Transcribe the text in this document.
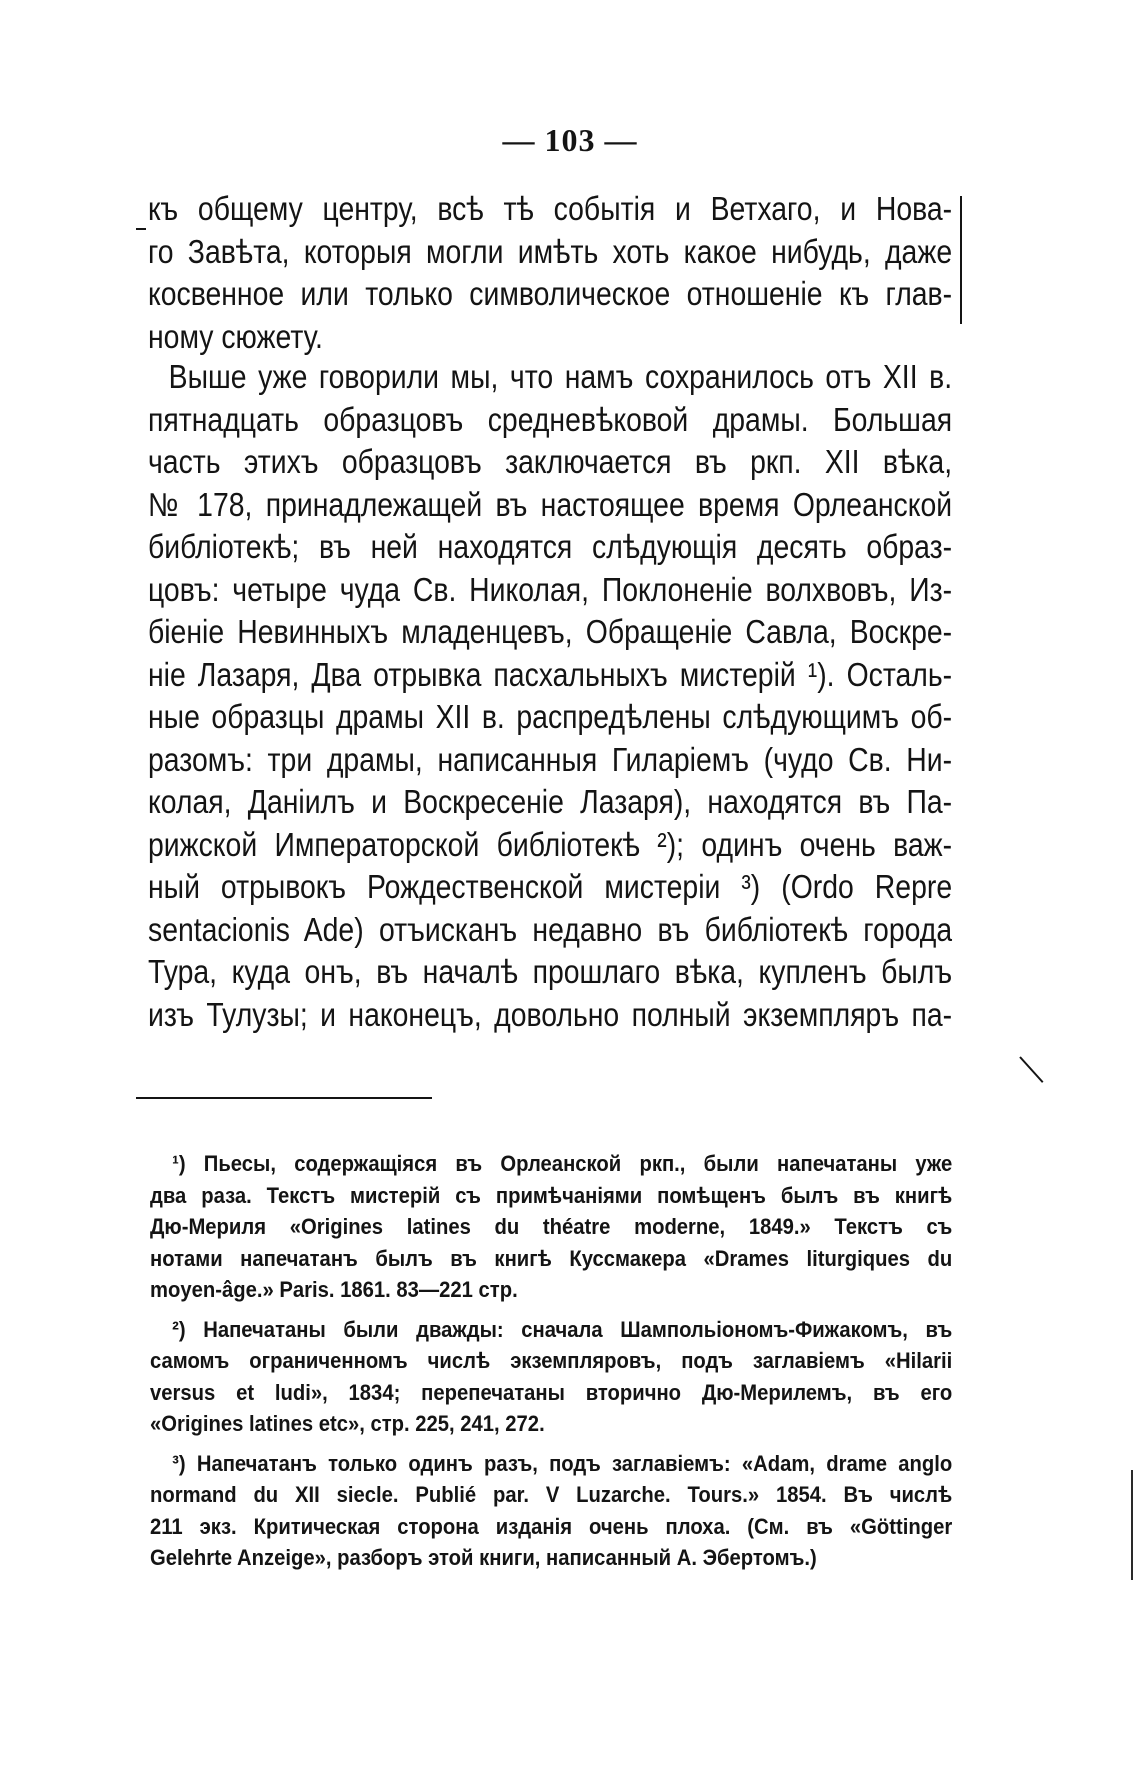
— 103 —
къ общему центру, всѣ тѣ событія и Ветхаго, и Нова-
го Завѣта, которыя могли имѣть хоть какое нибудь, даже
косвенное или только символическое отношеніе къ глав-
ному сюжету.
Выше уже говорили мы, что намъ сохранилось отъ XII в.
пятнадцать образцовъ средневѣковой драмы. Большая
часть этихъ образцовъ заключается въ ркп. XII вѣка,
№ 178, принадлежащей въ настоящее время Орлеанской
библіотекѣ; въ ней находятся слѣдующія десять образ-
цовъ: четыре чуда Св. Николая, Поклоненіе волхвовъ, Из-
біеніе Невинныхъ младенцевъ, Обращеніе Савла, Воскре-
ніе Лазаря, Два отрывка пасхальныхъ мистерій ¹). Осталь-
ные образцы драмы XII в. распредѣлены слѣдующимъ об-
разомъ: три драмы, написанныя Гиларіемъ (чудо Св. Ни-
колая, Даніилъ и Воскресеніе Лазаря), находятся въ Па-
рижской Императорской библіотекѣ ²); одинъ очень важ-
ный отрывокъ Рождественской мистеріи ³) (Ordo Repre
sentacionis Ade) отъисканъ недавно въ библіотекѣ города
Тура, куда онъ, въ началѣ прошлаго вѣка, купленъ былъ
изъ Тулузы; и наконецъ, довольно полный экземпляръ па-
¹) Пьесы, содержащіяся въ Орлеанской ркп., были напечатаны уже
два раза. Текстъ мистерій съ примѣчаніями помѣщенъ былъ въ книгѣ
Дю-Мериля «Origines latines du théatre moderne, 1849.» Текстъ съ
нотами напечатанъ былъ въ книгѣ Куссмакера «Drames liturgiques du
moyen-âge.» Paris. 1861. 83—221 стр.
²) Напечатаны были дважды: сначала Шампольіономъ-Фижакомъ, въ
самомъ ограниченномъ числѣ экземпляровъ, подъ заглавіемъ «Hilarii
versus et ludi», 1834; перепечатаны вторично Дю-Мерилемъ, въ его
«Origines latines etc», стр. 225, 241, 272.
³) Напечатанъ только одинъ разъ, подъ заглавіемъ: «Adam, drame anglo
normand du XII siecle. Publié par. V Luzarche. Tours.» 1854. Въ числѣ
211 экз. Критическая сторона изданія очень плоха. (См. въ «Göttinger
Gelehrte Anzeige», разборъ этой книги, написанный А. Эбертомъ.)
